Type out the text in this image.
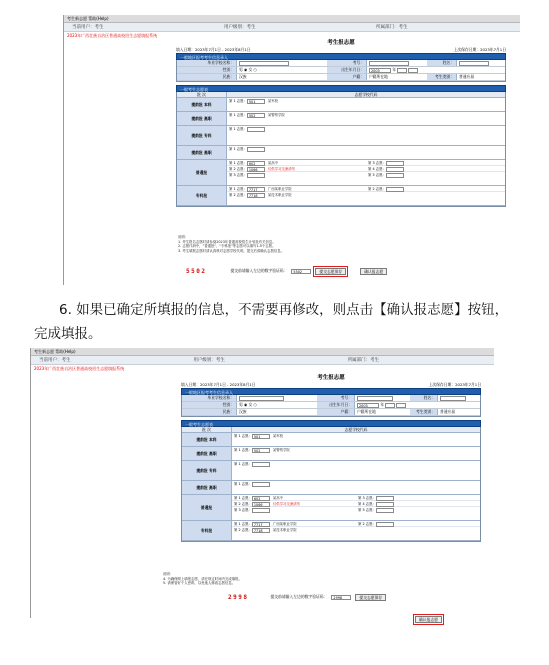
考生新志愿 帮助(Help)
当前用户：考生	用户级别：考生	所属部门：考生
2023年广西壮族自治区普通高校招生志愿填报系统
考生报志愿
填入日期：2023年7月1日 - 2023年8月1日	上次保存日期：2023年7月1日
一般地区报考考生信息录入
毕业学校名称：	考号：	姓名：
性别：	男 ◉ 女 ○	出生年月日：	2003	年
民族：	汉族	户籍：	户籍所在地	考生类别：	普通应届
一般考生志愿表
批 次	志愿学校代码
提前批 本科
第 1 志愿： 501	某军校
提前批 高职
第 1 志愿： 502	某警察学院
提前批 专科
第 1 志愿：
提前批 高职
第 1 志愿：
普通批
第 1 志愿： 602	某高中	第 3 志愿：
第 2 志愿： 1066	仅供学习交流请勿	第 4 志愿：
第 3 志愿：	第 5 志愿：
专科批
第 1 志愿： 7717	广西某职业学院	第 2 志愿：
第 2 志愿： 7718	某技术职业学院
说明：
1. 考生报名志愿时请参阅2023年普通高校招生计划及有关信息。
2. 志愿代码中，"普通批"、"专科批"等志愿可以填写1-5个志愿。
3. 考生填报志愿时请认真核对志愿学校代码，提交后请确认志愿信息。
5502	提交前请输入左边的数字验证码：	5502	提交志愿保存	确认报志愿

6. 如果已确定所填报的信息，不需要再修改，则点击【确认报志愿】按钮，完成填报。

考生新志愿 帮助(Help)
当前用户：考生	用户级别：考生	所属部门：考生
2023年广西壮族自治区普通高校招生志愿填报系统
考生报志愿
填入日期：2023年7月1日 - 2023年8月1日	上次保存日期：2023年7月1日
一般地区报考考生信息录入
毕业学校名称：	考号：	姓名：
性别：	男 ◉ 女 ○	出生年月日：	2003	年
民族：	汉族	户籍：	户籍所在地	考生类别：	普通应届
一般考生志愿表
批 次	志愿学校代码
提前批 本科
第 1 志愿： 501	某军校
提前批 高职
第 1 志愿： 502	某警察学院
提前批 专科
第 1 志愿：
提前批 高职
第 1 志愿：
普通批
第 1 志愿： 602	某高中	第 3 志愿：
第 2 志愿： 1066	仅供学习交流请勿	第 4 志愿：
第 3 志愿：	第 5 志愿：
专科批
第 1 志愿： 7717	广西某职业学院	第 2 志愿：
第 2 志愿： 7718	某技术职业学院
说明：
4. 为确保网上填报志愿，请在规定时间内完成填报。
5. 请保管好个人密码，以免他人修改志愿信息。
2998	提交前请输入左边的数字验证码：	2998	提交志愿保存
确认报志愿
